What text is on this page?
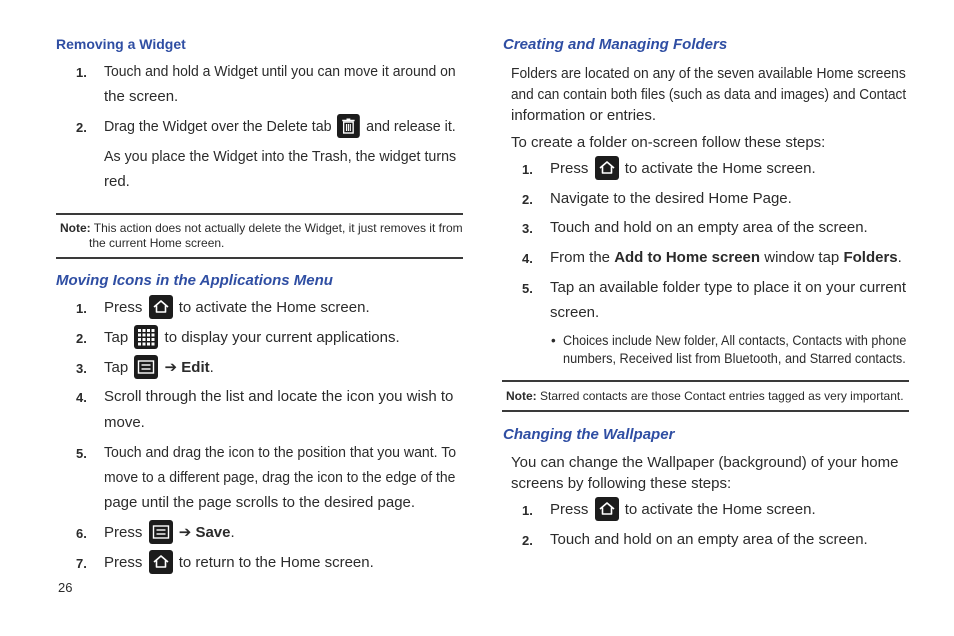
Removing a Widget
1. Touch and hold a Widget until you can move it around on
the screen.
2. Drag the Widget over the Delete tab and release it.
As you place the Widget into the Trash, the widget turns
red.
Note: This action does not actually delete the Widget, it just removes it from
the current Home screen.
Moving Icons in the Applications Menu
1. Press to activate the Home screen.
2. Tap to display your current applications.
3. Tap ➔ Edit.
4. Scroll through the list and locate the icon you wish to
move.
5. Touch and drag the icon to the position that you want. To
move to a different page, drag the icon to the edge of the
page until the page scrolls to the desired page.
6. Press ➔ Save.
7. Press to return to the Home screen.
26
Creating and Managing Folders
Folders are located on any of the seven available Home screens
and can contain both files (such as data and images) and Contact
information or entries.
To create a folder on-screen follow these steps:
1. Press to activate the Home screen.
2. Navigate to the desired Home Page.
3. Touch and hold on an empty area of the screen.
4. From the Add to Home screen window tap Folders.
5. Tap an available folder type to place it on your current
screen.
• Choices include New folder, All contacts, Contacts with phone
numbers, Received list from Bluetooth, and Starred contacts.
Note: Starred contacts are those Contact entries tagged as very important.
Changing the Wallpaper
You can change the Wallpaper (background) of your home
screens by following these steps:
1. Press to activate the Home screen.
2. Touch and hold on an empty area of the screen.
